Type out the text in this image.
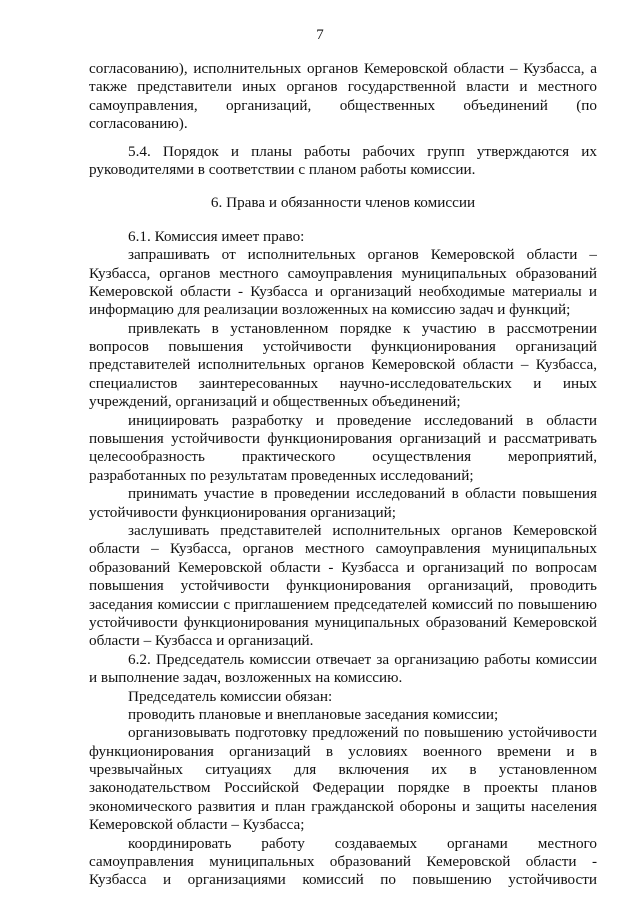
7
согласованию), исполнительных органов Кемеровской области – Кузбасса, а
также представители иных органов государственной власти и местного
самоуправления, организаций, общественных объединений (по
согласованию).
5.4. Порядок и планы работы рабочих групп утверждаются их
руководителями в соответствии с планом работы комиссии.
6. Права и обязанности членов комиссии
6.1. Комиссия имеет право:
запрашивать от исполнительных органов Кемеровской области –
Кузбасса, органов местного самоуправления муниципальных образований
Кемеровской области - Кузбасса и организаций необходимые материалы и
информацию для реализации возложенных на комиссию задач и функций;
привлекать в установленном порядке к участию в рассмотрении
вопросов повышения устойчивости функционирования организаций
представителей исполнительных органов Кемеровской области – Кузбасса,
специалистов заинтересованных научно-исследовательских и иных
учреждений, организаций и общественных объединений;
инициировать разработку и проведение исследований в области
повышения устойчивости функционирования организаций и рассматривать
целесообразность практического осуществления мероприятий,
разработанных по результатам проведенных исследований;
принимать участие в проведении исследований в области повышения
устойчивости функционирования организаций;
заслушивать представителей исполнительных органов Кемеровской
области – Кузбасса, органов местного самоуправления муниципальных
образований Кемеровской области - Кузбасса и организаций по вопросам
повышения устойчивости функционирования организаций, проводить
заседания комиссии с приглашением председателей комиссий по повышению
устойчивости функционирования муниципальных образований Кемеровской
области – Кузбасса и организаций.
6.2. Председатель комиссии отвечает за организацию работы комиссии
и выполнение задач, возложенных на комиссию.
Председатель комиссии обязан:
проводить плановые и внеплановые заседания комиссии;
организовывать подготовку предложений по повышению устойчивости
функционирования организаций в условиях военного времени и в
чрезвычайных ситуациях для включения их в установленном
законодательством Российской Федерации порядке в проекты планов
экономического развития и план гражданской обороны и защиты населения
Кемеровской области – Кузбасса;
координировать работу создаваемых органами местного
самоуправления муниципальных образований Кемеровской области -
Кузбасса и организациями комиссий по повышению устойчивости
